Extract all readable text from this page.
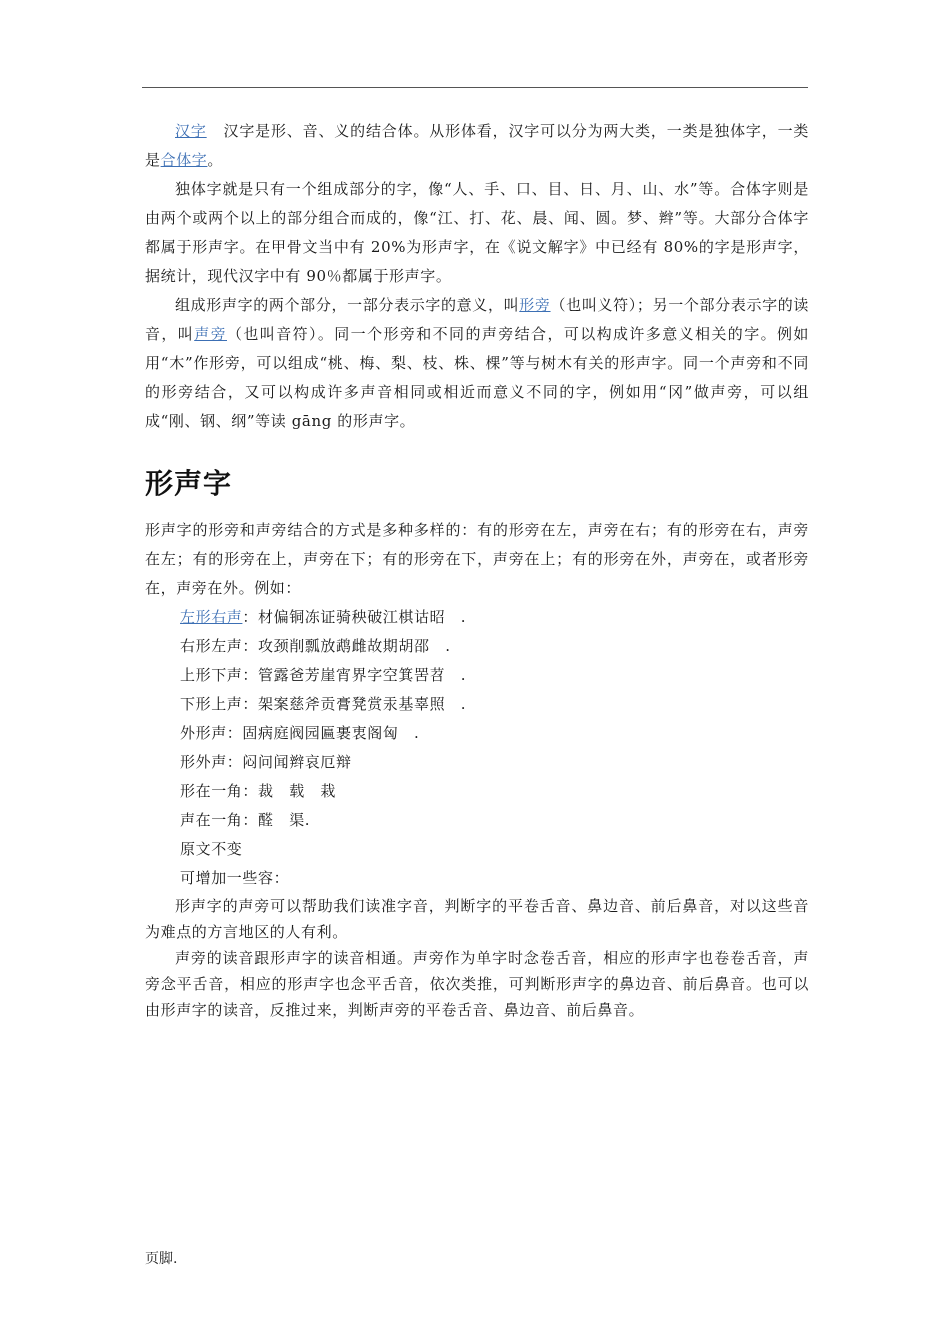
汉字 汉字是形、音、义的结合体。从形体看，汉字可以分为两大类，一类是独体字，一类是合体字。

独体字就是只有一个组成部分的字，像“人、手、口、目、日、月、山、水”等。合体字则是由两个或两个以上的部分组合而成的，像“江、打、花、晨、闻、圆。梦、辫”等。大部分合体字都属于形声字。在甲骨文当中有 20%为形声字，在《说文解字》中已经有 80%的字是形声字，据统计，现代汉字中有 90％都属于形声字。

组成形声字的两个部分，一部分表示字的意义，叫形旁（也叫义符）；另一个部分表示字的读音，叫声旁（也叫音符）。同一个形旁和不同的声旁结合，可以构成许多意义相关的字。例如用“木”作形旁，可以组成“桃、梅、梨、枝、株、棵”等与树木有关的形声字。同一个声旁和不同的形旁结合，又可以构成许多声音相同或相近而意义不同的字，例如用“冈”做声旁，可以组成“刚、钢、纲”等读 gāng 的形声字。

形声字

形声字的形旁和声旁结合的方式是多种多样的：有的形旁在左，声旁在右；有的形旁在右，声旁在左；有的形旁在上，声旁在下；有的形旁在下，声旁在上；有的形旁在外，声旁在，或者形旁在，声旁在外。例如：

左形右声：材偏铜冻证骑秧破江棋诂昭　.

右形左声：攻颈削瓢放鹉雌故期胡邵　.

上形下声：管露爸芳崖宵界字空箕罟苕　.

下形上声：架案慈斧贡膏凳赏汞基辜照　.

外形声：固病庭阀园匾裹衷阁匈　.

形外声：闷问闻辫哀厄辩

形在一角：裁　载　栽

声在一角：醛　渠.

原文不变

可增加一些容：

形声字的声旁可以帮助我们读准字音，判断字的平卷舌音、鼻边音、前后鼻音，对以这些音为难点的方言地区的人有利。

声旁的读音跟形声字的读音相通。声旁作为单字时念卷舌音，相应的形声字也卷卷舌音，声旁念平舌音，相应的形声字也念平舌音，依次类推，可判断形声字的鼻边音、前后鼻音。也可以由形声字的读音，反推过来，判断声旁的平卷舌音、鼻边音、前后鼻音。

页脚.
